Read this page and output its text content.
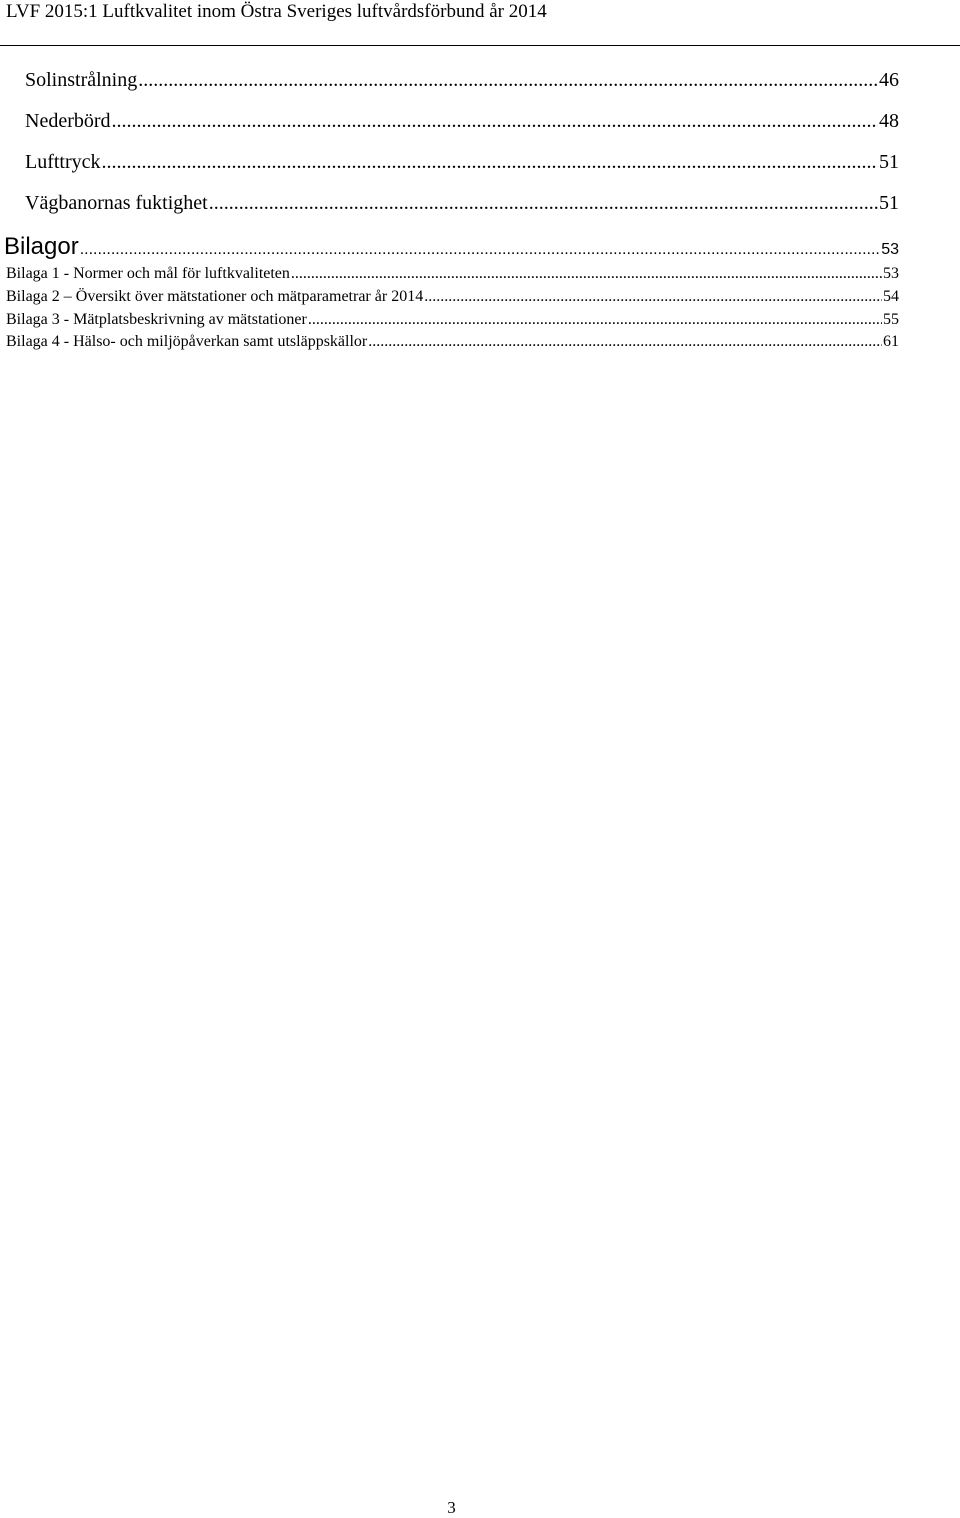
LVF 2015:1 Luftkvalitet inom Östra Sveriges luftvårdsförbund år 2014
Solinstrålning .....	46
Nederbörd .....	48
Lufttryck .....	51
Vägbanornas fuktighet .....	51
Bilagor .....	53
Bilaga 1 - Normer och mål för luftkvaliteten .....	53
Bilaga 2 – Översikt över mätstationer och mätparametrar år 2014 .....	54
Bilaga 3 - Mätplatsbeskrivning av mätstationer .....	55
Bilaga 4 - Hälso- och miljöpåverkan samt utsläppskällor .....	61
3
